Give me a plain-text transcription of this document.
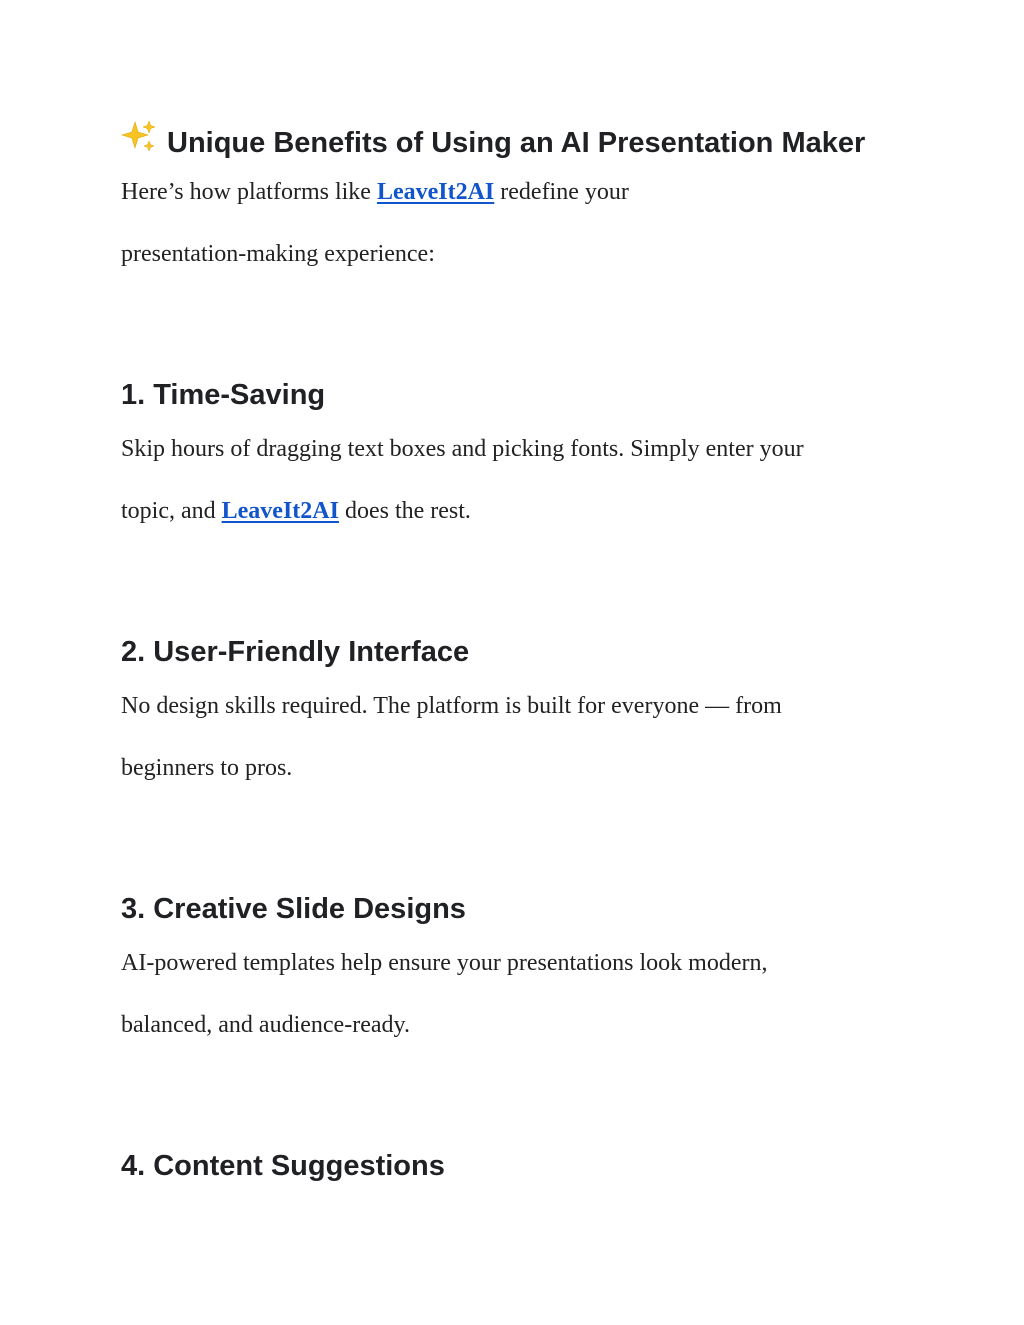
Unique Benefits of Using an AI Presentation Maker

Here’s how platforms like LeaveIt2AI redefine your

presentation-making experience:

1. Time-Saving

Skip hours of dragging text boxes and picking fonts. Simply enter your

topic, and LeaveIt2AI does the rest.

2. User-Friendly Interface

No design skills required. The platform is built for everyone — from

beginners to pros.

3. Creative Slide Designs

AI-powered templates help ensure your presentations look modern,

balanced, and audience-ready.

4. Content Suggestions
